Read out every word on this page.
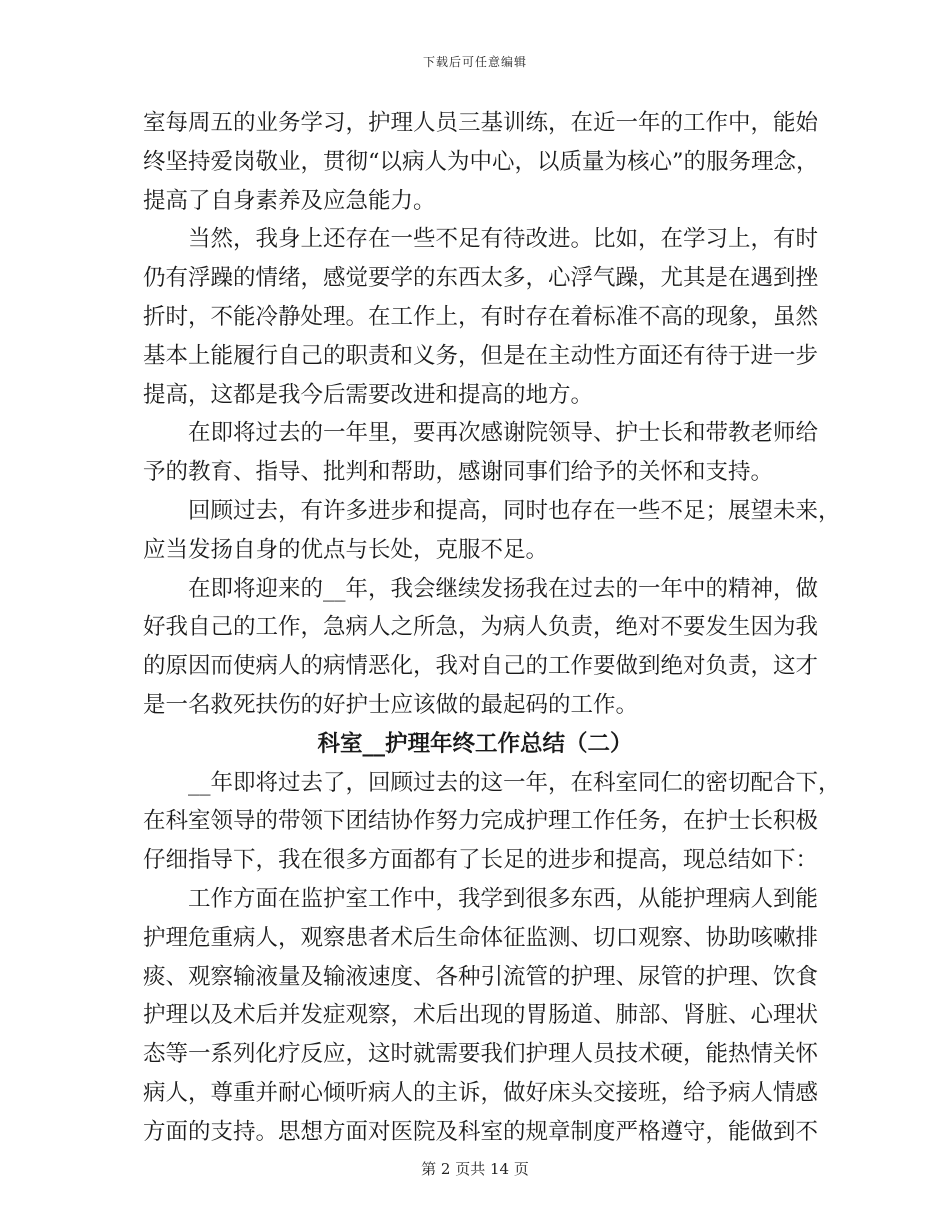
下载后可任意编辑
室每周五的业务学习，护理人员三基训练，在近一年的工作中，能始
终坚持爱岗敬业，贯彻“以病人为中心，以质量为核心”的服务理念，
提高了自身素养及应急能力。
当然，我身上还存在一些不足有待改进。比如，在学习上，有时
仍有浮躁的情绪，感觉要学的东西太多，心浮气躁，尤其是在遇到挫
折时，不能冷静处理。在工作上，有时存在着标准不高的现象，虽然
基本上能履行自己的职责和义务，但是在主动性方面还有待于进一步
提高，这都是我今后需要改进和提高的地方。
在即将过去的一年里，要再次感谢院领导、护士长和带教老师给
予的教育、指导、批判和帮助，感谢同事们给予的关怀和支持。
回顾过去，有许多进步和提高，同时也存在一些不足；展望未来，
应当发扬自身的优点与长处，克服不足。
在即将迎来的__年，我会继续发扬我在过去的一年中的精神，做
好我自己的工作，急病人之所急，为病人负责，绝对不要发生因为我
的原因而使病人的病情恶化，我对自己的工作要做到绝对负责，这才
是一名救死扶伤的好护士应该做的最起码的工作。
科室__护理年终工作总结（二）
__年即将过去了，回顾过去的这一年，在科室同仁的密切配合下，
在科室领导的带领下团结协作努力完成护理工作任务，在护士长积极
仔细指导下，我在很多方面都有了长足的进步和提高，现总结如下：
工作方面在监护室工作中，我学到很多东西，从能护理病人到能
护理危重病人，观察患者术后生命体征监测、切口观察、协助咳嗽排
痰、观察输液量及输液速度、各种引流管的护理、尿管的护理、饮食
护理以及术后并发症观察，术后出现的胃肠道、肺部、肾脏、心理状
态等一系列化疗反应，这时就需要我们护理人员技术硬，能热情关怀
病人，尊重并耐心倾听病人的主诉，做好床头交接班，给予病人情感
方面的支持。思想方面对医院及科室的规章制度严格遵守，能做到不
第 2 页共 14 页
